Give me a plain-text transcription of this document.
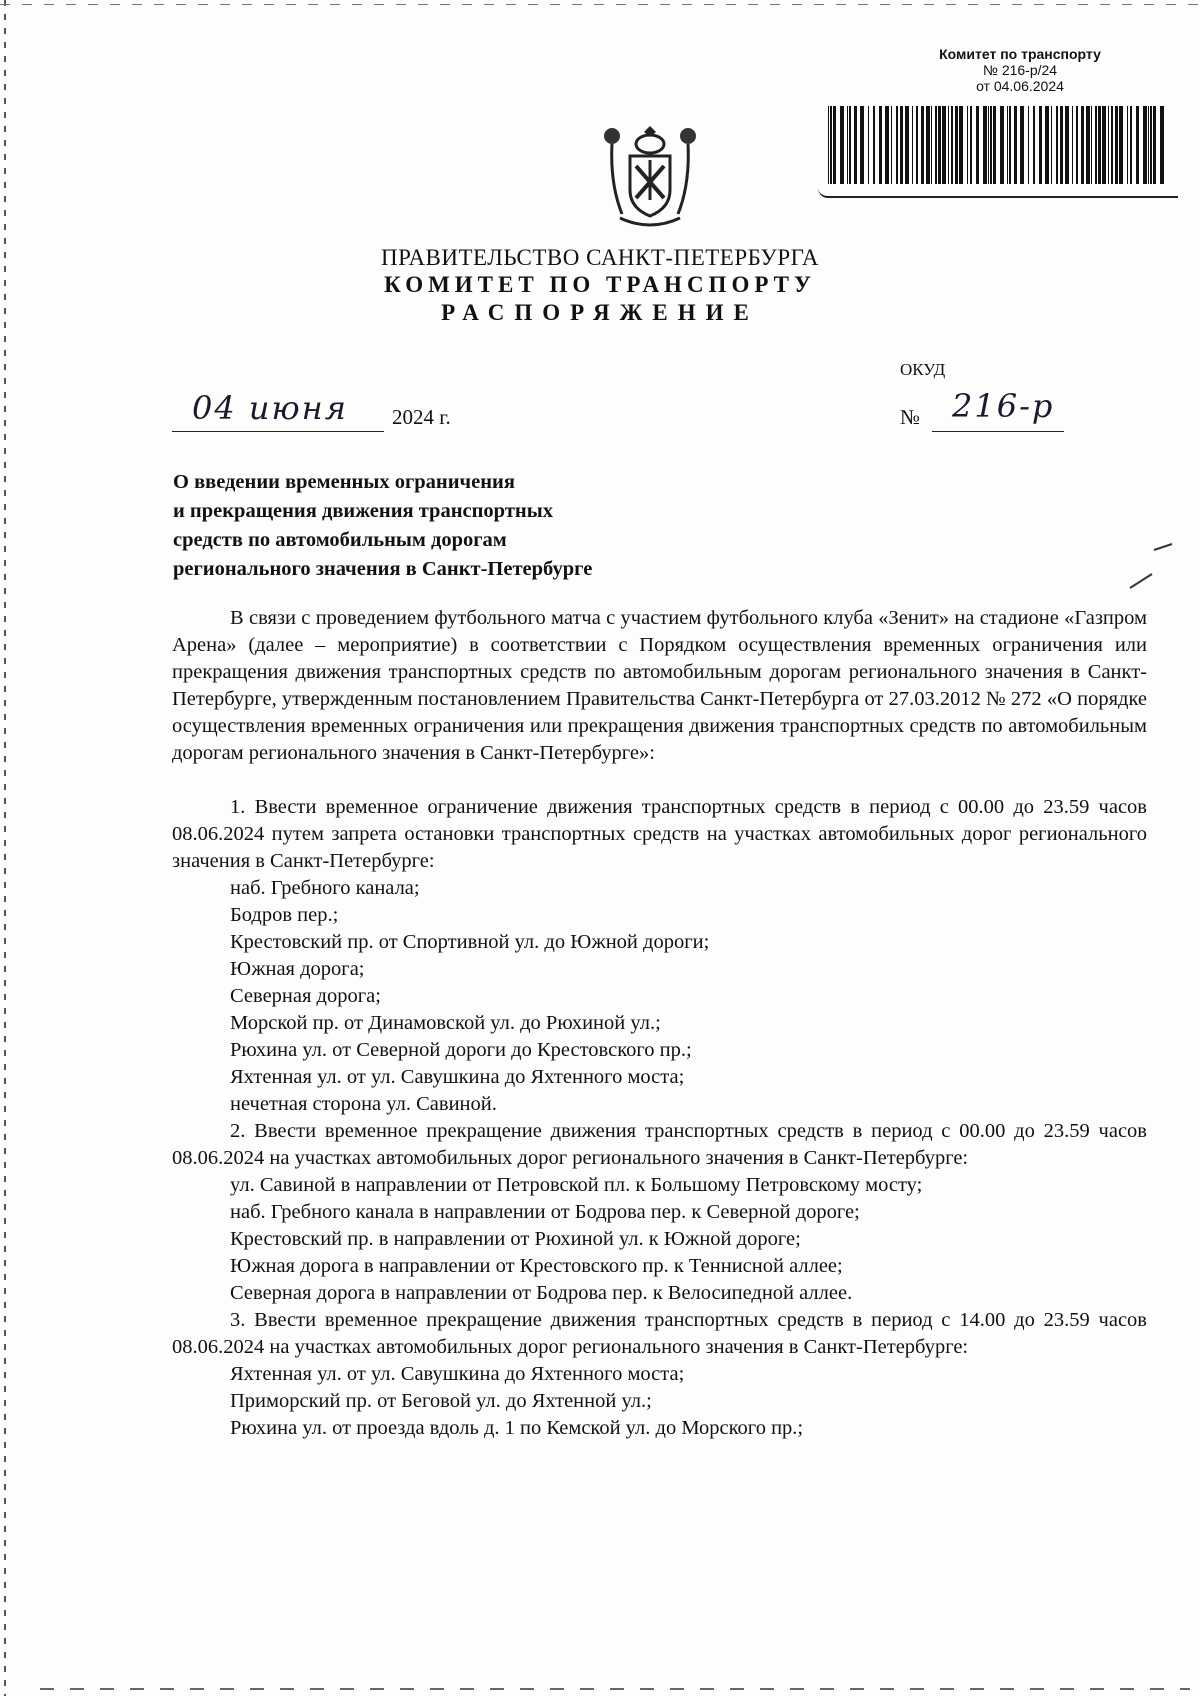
Комитет по транспорту
№ 216-р/24
от 04.06.2024
ПРАВИТЕЛЬСТВО САНКТ-ПЕТЕРБУРГА
КОМИТЕТ ПО ТРАНСПОРТУ
РАСПОРЯЖЕНИЕ
ОКУД
04 июня 2024 г.	№ 216-р
О введении временных ограничения
и прекращения движения транспортных
средств по автомобильным дорогам
регионального значения в Санкт-Петербурге

В связи с проведением футбольного матча с участием футбольного клуба «Зенит» на стадионе «Газпром Арена» (далее – мероприятие) в соответствии с Порядком осуществления временных ограничения или прекращения движения транспортных средств по автомобильным дорогам регионального значения в Санкт-Петербурге, утвержденным постановлением Правительства Санкт-Петербурга от 27.03.2012 № 272 «О порядке осуществления временных ограничения или прекращения движения транспортных средств по автомобильным дорогам регионального значения в Санкт-Петербурге»:

1. Ввести временное ограничение движения транспортных средств в период с 00.00 до 23.59 часов 08.06.2024 путем запрета остановки транспортных средств на участках автомобильных дорог регионального значения в Санкт-Петербурге:

наб. Гребного канала;

Бодров пер.;

Крестовский пр. от Спортивной ул. до Южной дороги;

Южная дорога;

Северная дорога;

Морской пр. от Динамовской ул. до Рюхиной ул.;

Рюхина ул. от Северной дороги до Крестовского пр.;

Яхтенная ул. от ул. Савушкина до Яхтенного моста;

нечетная сторона ул. Савиной.

2. Ввести временное прекращение движения транспортных средств в период с 00.00 до 23.59 часов 08.06.2024 на участках автомобильных дорог регионального значения в Санкт-Петербурге:

ул. Савиной в направлении от Петровской пл. к Большому Петровскому мосту;

наб. Гребного канала в направлении от Бодрова пер. к Северной дороге;

Крестовский пр. в направлении от Рюхиной ул. к Южной дороге;

Южная дорога в направлении от Крестовского пр. к Теннисной аллее;

Северная дорога в направлении от Бодрова пер. к Велосипедной аллее.

3. Ввести временное прекращение движения транспортных средств в период с 14.00 до 23.59 часов 08.06.2024 на участках автомобильных дорог регионального значения в Санкт-Петербурге:

Яхтенная ул. от ул. Савушкина до Яхтенного моста;

Приморский пр. от Беговой ул. до Яхтенной ул.;

Рюхина ул. от проезда вдоль д. 1 по Кемской ул. до Морского пр.;
